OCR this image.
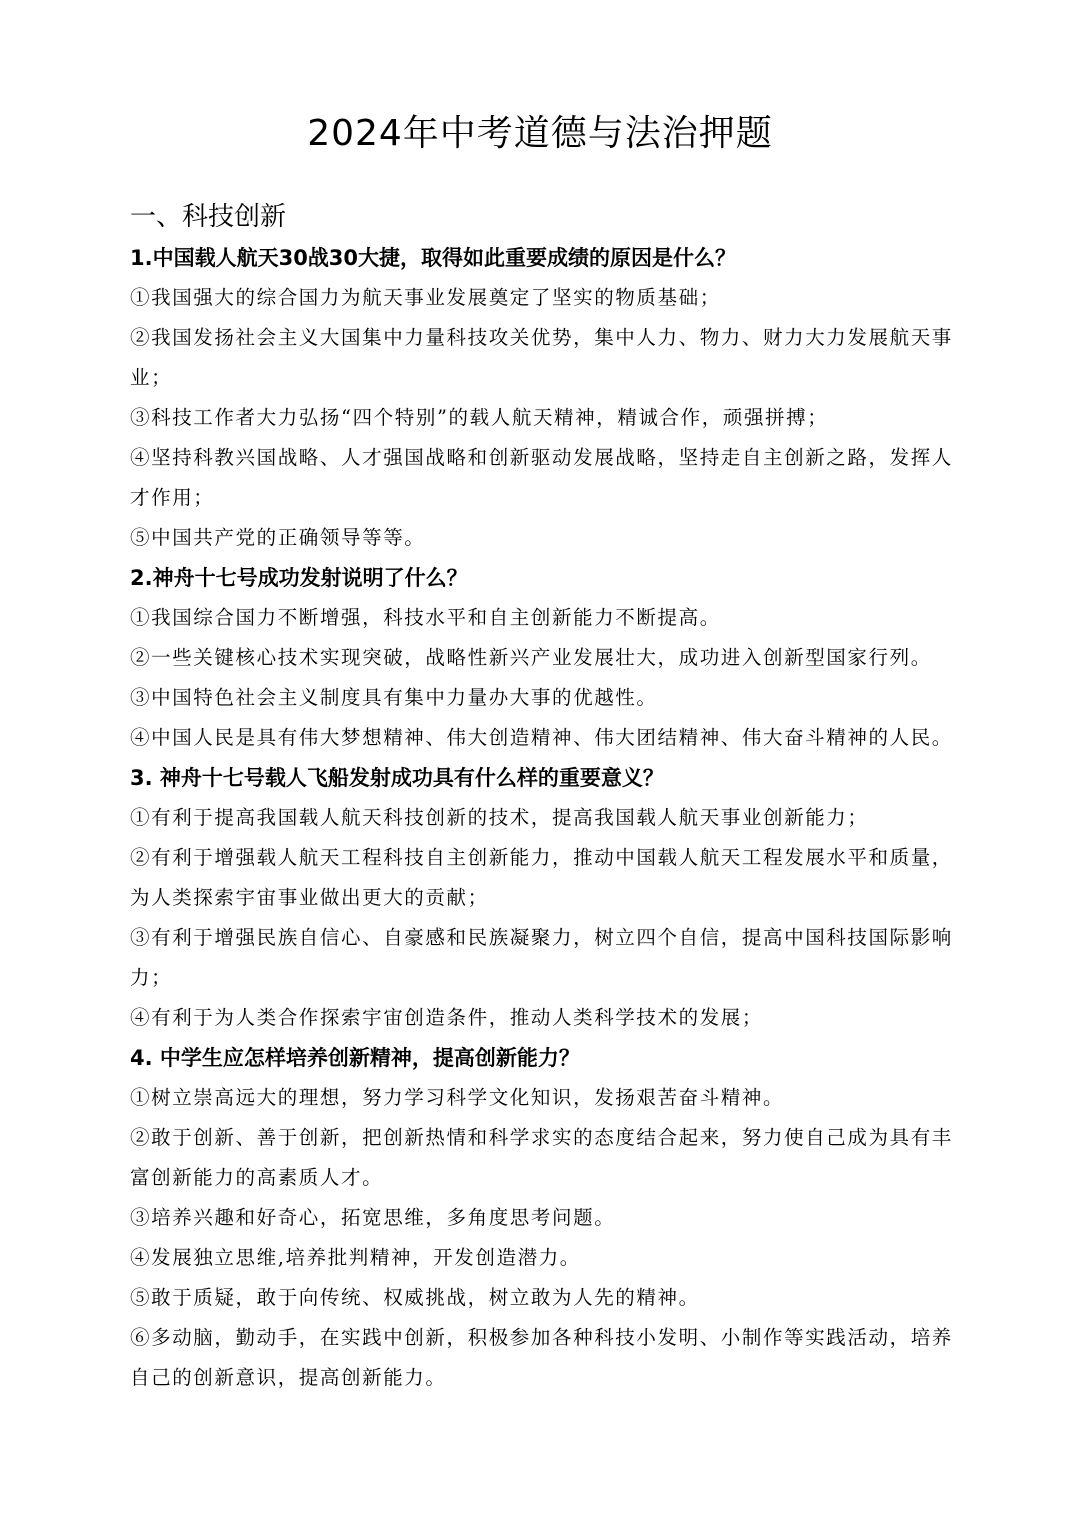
2024年中考道德与法治押题
一、科技创新

1.中国载人航天30战30大捷，取得如此重要成绩的原因是什么？

①我国强大的综合国力为航天事业发展奠定了坚实的物质基础；

②我国发扬社会主义大国集中力量科技攻关优势，集中人力、物力、财力大力发展航天事业；

③科技工作者大力弘扬“四个特别”的载人航天精神，精诚合作，顽强拼搏；

④坚持科教兴国战略、人才强国战略和创新驱动发展战略，坚持走自主创新之路，发挥人才作用；

⑤中国共产党的正确领导等等。

2.神舟十七号成功发射说明了什么？

①我国综合国力不断增强，科技水平和自主创新能力不断提高。

②一些关键核心技术实现突破，战略性新兴产业发展壮大，成功进入创新型国家行列。

③中国特色社会主义制度具有集中力量办大事的优越性。

④中国人民是具有伟大梦想精神、伟大创造精神、伟大团结精神、伟大奋斗精神的人民。

3. 神舟十七号载人飞船发射成功具有什么样的重要意义？

①有利于提高我国载人航天科技创新的技术，提高我国载人航天事业创新能力；

②有利于增强载人航天工程科技自主创新能力，推动中国载人航天工程发展水平和质量，为人类探索宇宙事业做出更大的贡献；

③有利于增强民族自信心、自豪感和民族凝聚力，树立四个自信，提高中国科技国际影响力；

④有利于为人类合作探索宇宙创造条件，推动人类科学技术的发展；

4. 中学生应怎样培养创新精神，提高创新能力？

①树立崇高远大的理想，努力学习科学文化知识，发扬艰苦奋斗精神。

②敢于创新、善于创新，把创新热情和科学求实的态度结合起来，努力使自己成为具有丰富创新能力的高素质人才。

③培养兴趣和好奇心，拓宽思维，多角度思考问题。

④发展独立思维,培养批判精神，开发创造潜力。

⑤敢于质疑，敢于向传统、权威挑战，树立敢为人先的精神。

⑥多动脑，勤动手，在实践中创新，积极参加各种科技小发明、小制作等实践活动，培养自己的创新意识，提高创新能力。
